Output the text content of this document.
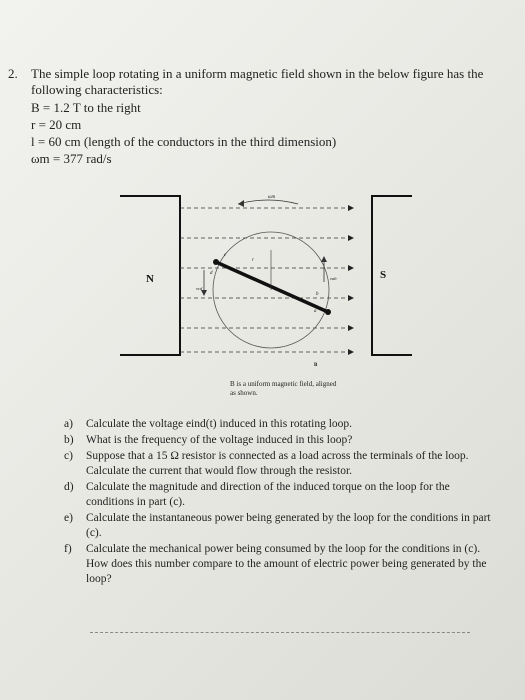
2. The simple loop rotating in a uniform magnetic field shown in the below figure has the following characteristics:
B = 1.2 T to the right
r = 20 cm
l = 60 cm (length of the conductors in the third dimension)
ωm = 377 rad/s
N	S
B
ωm
r
c
d
b
a
vcd
vab
B is a uniform magnetic field, aligned as shown.
a) Calculate the voltage eind(t) induced in this rotating loop.
b) What is the frequency of the voltage induced in this loop?
c) Suppose that a 15 Ω resistor is connected as a load across the terminals of the loop. Calculate the current that would flow through the resistor.
d) Calculate the magnitude and direction of the induced torque on the loop for the conditions in part (c).
e) Calculate the instantaneous power being generated by the loop for the conditions in part (c).
f) Calculate the mechanical power being consumed by the loop for the conditions in (c). How does this number compare to the amount of electric power being generated by the loop?
